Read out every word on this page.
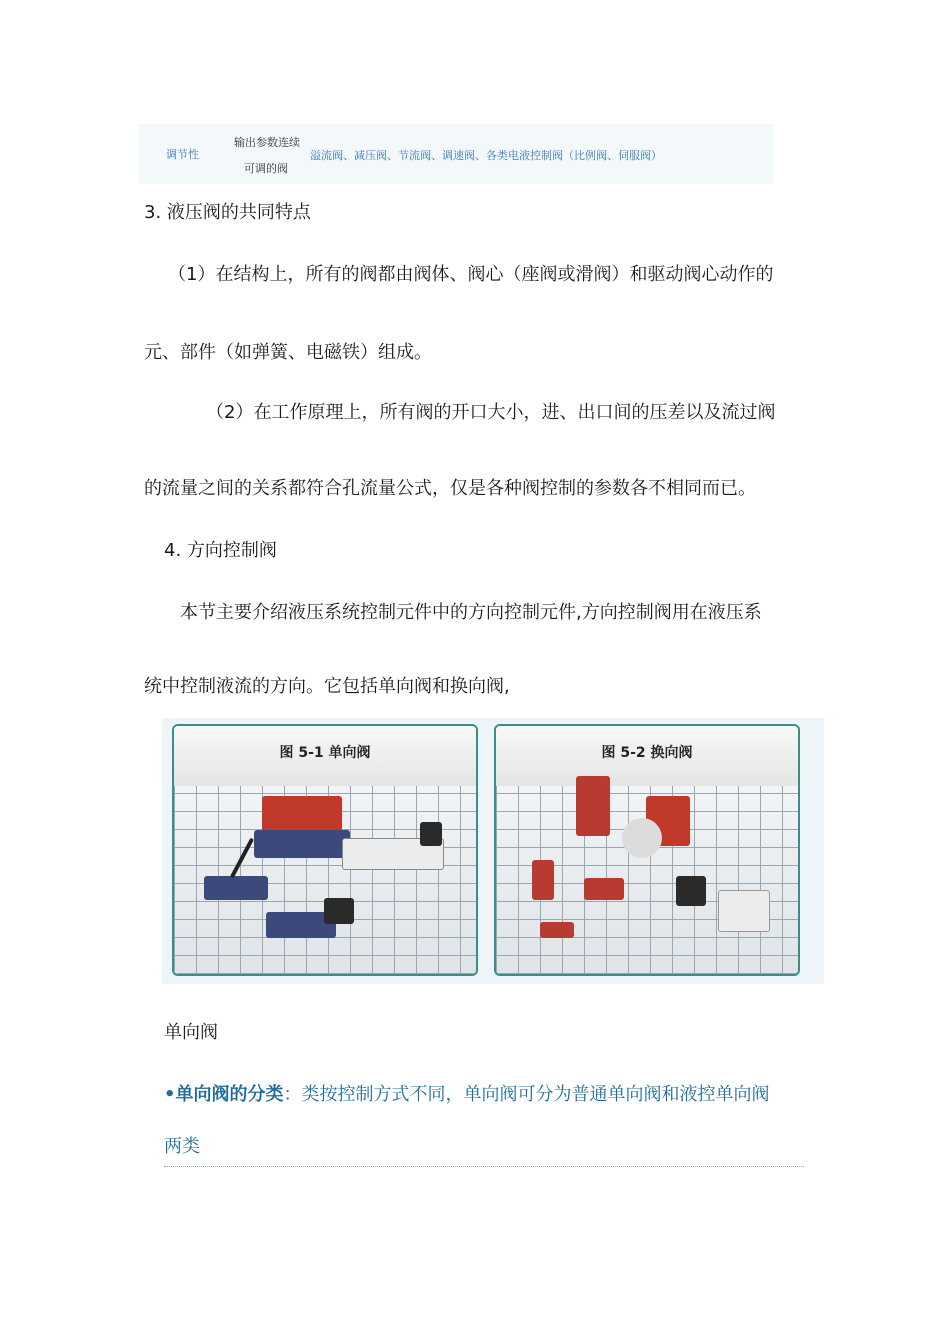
调节性
输出参数连续
可调的阀
溢流阀、减压阀、节流阀、调速阀、各类电液控制阀（比例阀、伺服阀）
3. 液压阀的共同特点
（1）在结构上，所有的阀都由阀体、阀心（座阀或滑阀）和驱动阀心动作的
元、部件（如弹簧、电磁铁）组成。
（2）在工作原理上，所有阀的开口大小，进、出口间的压差以及流过阀
的流量之间的关系都符合孔流量公式，仅是各种阀控制的参数各不相同而已。
4. 方向控制阀
本节主要介绍液压系统控制元件中的方向控制元件,方向控制阀用在液压系
统中控制液流的方向。它包括单向阀和换向阀,
图 5-1 单向阀	图 5-2 换向阀
单向阀
•单向阀的分类：类按控制方式不同，单向阀可分为普通单向阀和液控单向阀
两类
